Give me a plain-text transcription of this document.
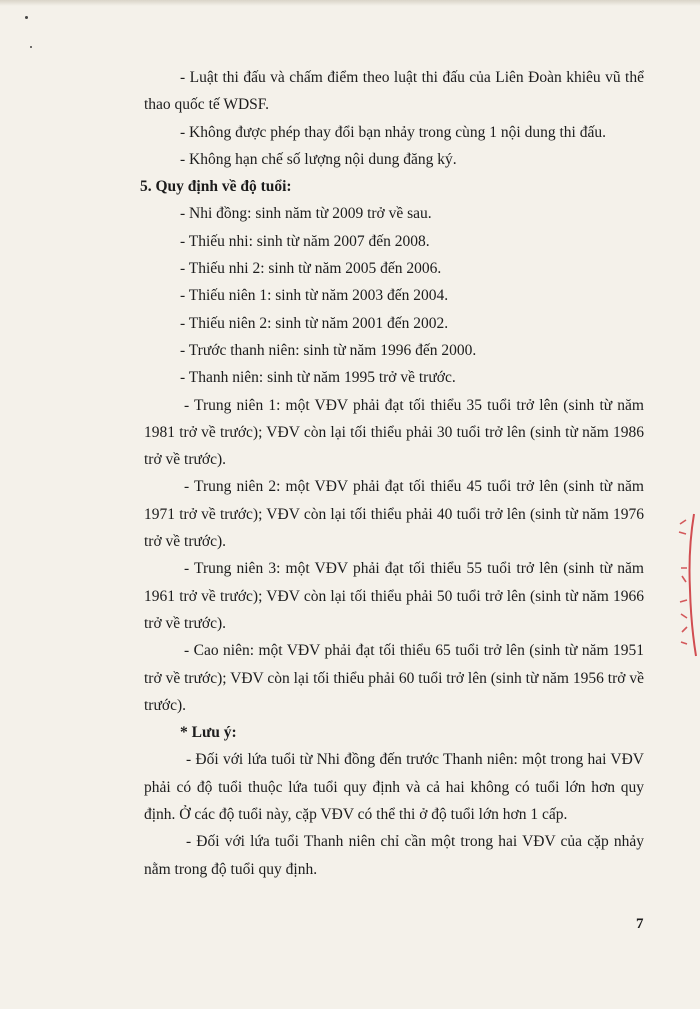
- Luật thi đấu và chấm điểm theo luật thi đấu của Liên Đoàn khiêu vũ thể thao quốc tế WDSF.

- Không được phép thay đổi bạn nhảy trong cùng 1 nội dung thi đấu.

- Không hạn chế số lượng nội dung đăng ký.

5. Quy định về độ tuổi:

- Nhi đồng: sinh năm từ 2009 trở về sau.

- Thiếu nhi: sinh từ năm 2007 đến 2008.

- Thiếu nhi 2: sinh từ năm 2005 đến 2006.

- Thiếu niên 1: sinh từ năm 2003 đến 2004.

- Thiếu niên 2: sinh từ năm 2001 đến 2002.

- Trước thanh niên: sinh từ năm 1996 đến 2000.

- Thanh niên: sinh từ năm 1995 trở về trước.

- Trung niên 1: một VĐV phải đạt tối thiểu 35 tuổi trở lên (sinh từ năm 1981 trở về trước); VĐV còn lại tối thiểu phải 30 tuổi trở lên (sinh từ năm 1986 trở về trước).

- Trung niên 2: một VĐV phải đạt tối thiểu 45 tuổi trở lên (sinh từ năm 1971 trở về trước); VĐV còn lại tối thiểu phải 40 tuổi trở lên (sinh từ năm 1976 trở về trước).

- Trung niên 3: một VĐV phải đạt tối thiểu 55 tuổi trở lên (sinh từ năm 1961 trở về trước); VĐV còn lại tối thiểu phải 50 tuổi trở lên (sinh từ năm 1966 trở về trước).

- Cao niên: một VĐV phải đạt tối thiểu 65 tuổi trở lên (sinh từ năm 1951 trở về trước); VĐV còn lại tối thiểu phải 60 tuổi trở lên (sinh từ năm 1956 trở về trước).

* Lưu ý:

- Đối với lứa tuổi từ Nhi đồng đến trước Thanh niên: một trong hai VĐV phải có độ tuổi thuộc lứa tuổi quy định và cả hai không có tuổi lớn hơn quy định. Ở các độ tuổi này, cặp VĐV có thể thi ở độ tuổi lớn hơn 1 cấp.

- Đối với lứa tuổi Thanh niên chỉ cần một trong hai VĐV của cặp nhảy nằm trong độ tuổi quy định.

7
